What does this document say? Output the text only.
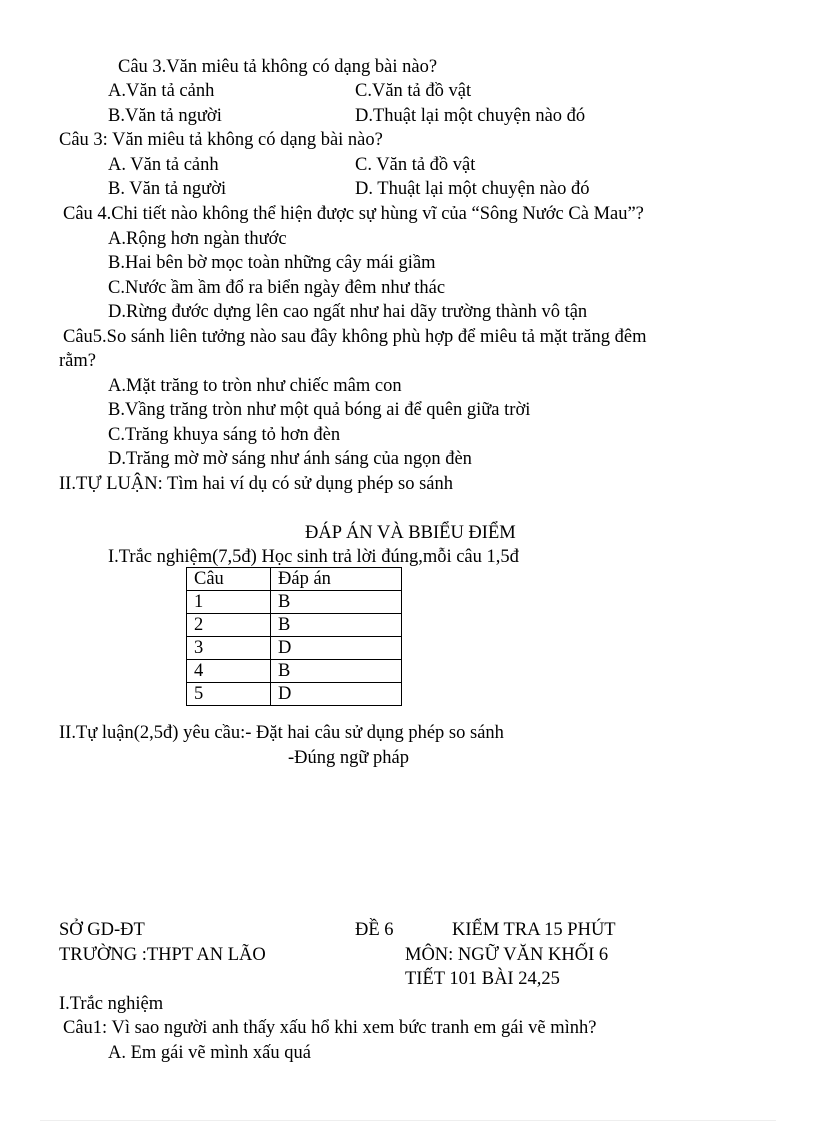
Câu 3.Văn miêu tả không có dạng bài nào?
A.Văn tả cảnh	C.Văn tả đồ vật
B.Văn tả người	D.Thuật lại một chuyện nào đó
Câu 3: Văn miêu tả không có dạng bài nào?
A. Văn tả cảnh	C. Văn tả đồ vật
B. Văn tả người	D. Thuật lại một chuyện nào đó
Câu 4.Chi tiết nào không thể hiện được sự hùng vĩ của “Sông Nước Cà Mau”?
A.Rộng hơn ngàn thước
B.Hai bên bờ mọc toàn những cây mái giầm
C.Nước ầm ầm đổ ra biển ngày đêm như thác
D.Rừng đước dựng lên cao ngất như hai dãy trường thành vô tận
Câu5.So sánh liên tưởng nào sau đây không phù hợp để miêu tả mặt trăng đêm
rằm?
A.Mặt trăng to tròn như chiếc mâm con
B.Vầng trăng tròn như một quả bóng ai để quên giữa trời
C.Trăng khuya sáng tỏ hơn đèn
D.Trăng mờ mờ sáng như ánh sáng của ngọn đèn
II.TỰ LUẬN: Tìm hai ví dụ có sử dụng phép so sánh
ĐÁP ÁN VÀ BBIỂU ĐIỂM
I.Trắc nghiệm(7,5đ) Học sinh trả lời đúng,mỗi câu 1,5đ
Câu	Đáp án
1	B
2	B
3	D
4	B
5	D
II.Tự luận(2,5đ) yêu cầu:- Đặt hai câu sử dụng phép so sánh
-Đúng ngữ pháp
SỞ GD-ĐT	ĐỀ 6	KIỂM TRA 15 PHÚT
TRƯỜNG :THPT AN LÃO	MÔN: NGỮ VĂN KHỐI 6
TIẾT 101 BÀI 24,25
I.Trắc nghiệm
Câu1: Vì sao người anh thấy xấu hổ khi xem bức tranh em gái vẽ mình?
A. Em gái vẽ mình xấu quá
